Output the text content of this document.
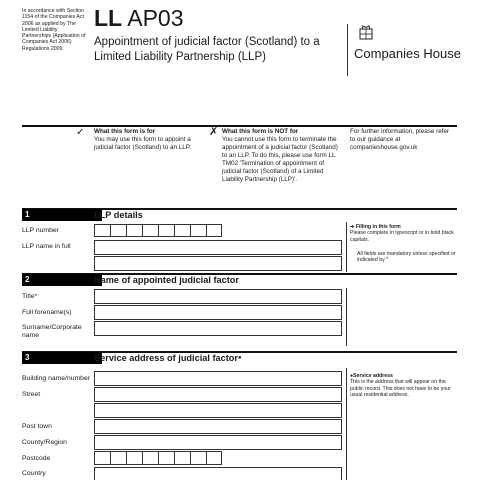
In accordance with Section 1154 of the Companies Act 2006 as applied by The Limited Liability Partnerships (Application of Companies Act 2006) Regulations 2009.
LL AP03
Appointment of judicial factor (Scotland) to a Limited Liability Partnership (LLP)	Companies House
✓ What this form is for
You may use this form to appoint a judicial factor (Scotland) to an LLP.
✗ What this form is NOT for
You cannot use this form to terminate the appointment of a judicial factor (Scotland) to an LLP. To do this, please use form LL TM02 'Termination of appointment of judicial factor (Scotland) of a Limited Liability Partnership (LLP)'.
For further information, please refer to our guidance at companieshouse.gov.uk
1	LLP details
LLP number
LLP name in full
➔ Filling in this form
Please complete in typescript or in bold black capitals.
All fields are mandatory unless specified or indicated by *
2	Name of appointed judicial factor
Title*
Full forename(s)
Surname/Corporate name
3	Service address of judicial factor●
Building name/number
Street
Post town
County/Region
Postcode
Country
●Service address
This is the address that will appear on the public record. This does not have to be your usual residential address.
